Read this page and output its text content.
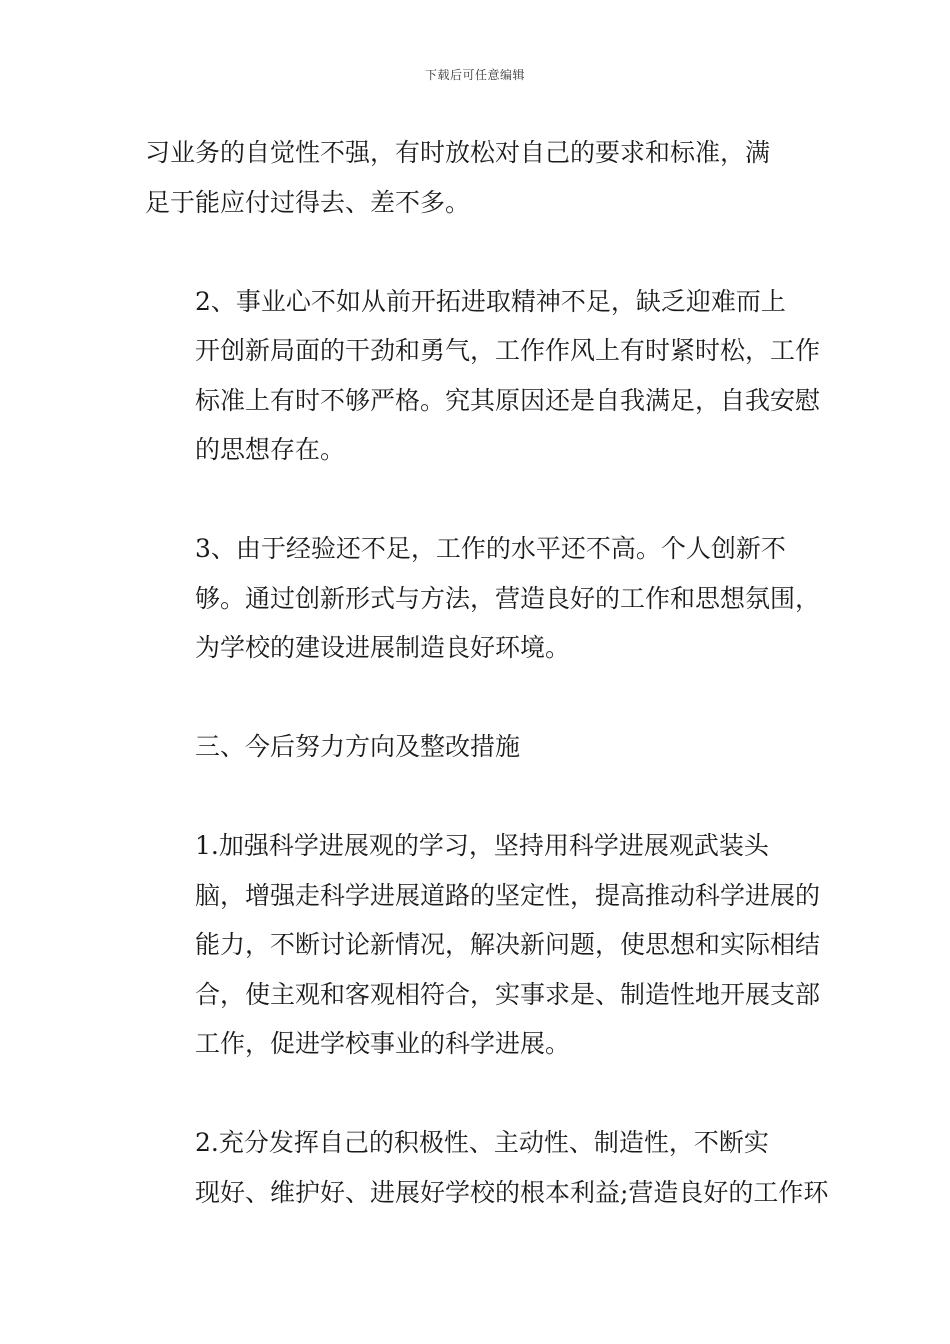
下载后可任意编辑

习业务的自觉性不强，有时放松对自己的要求和标准，满
足于能应付过得去、差不多。

2、事业心不如从前开拓进取精神不足，缺乏迎难而上
开创新局面的干劲和勇气，工作作风上有时紧时松，工作
标准上有时不够严格。究其原因还是自我满足，自我安慰
的思想存在。

3、由于经验还不足，工作的水平还不高。个人创新不
够。通过创新形式与方法，营造良好的工作和思想氛围，
为学校的建设进展制造良好环境。

三、今后努力方向及整改措施

1.加强科学进展观的学习，坚持用科学进展观武装头
脑，增强走科学进展道路的坚定性，提高推动科学进展的
能力，不断讨论新情况，解决新问题，使思想和实际相结
合，使主观和客观相符合，实事求是、制造性地开展支部
工作，促进学校事业的科学进展。

2.充分发挥自己的积极性、主动性、制造性，不断实
现好、维护好、进展好学校的根本利益;营造良好的工作环
